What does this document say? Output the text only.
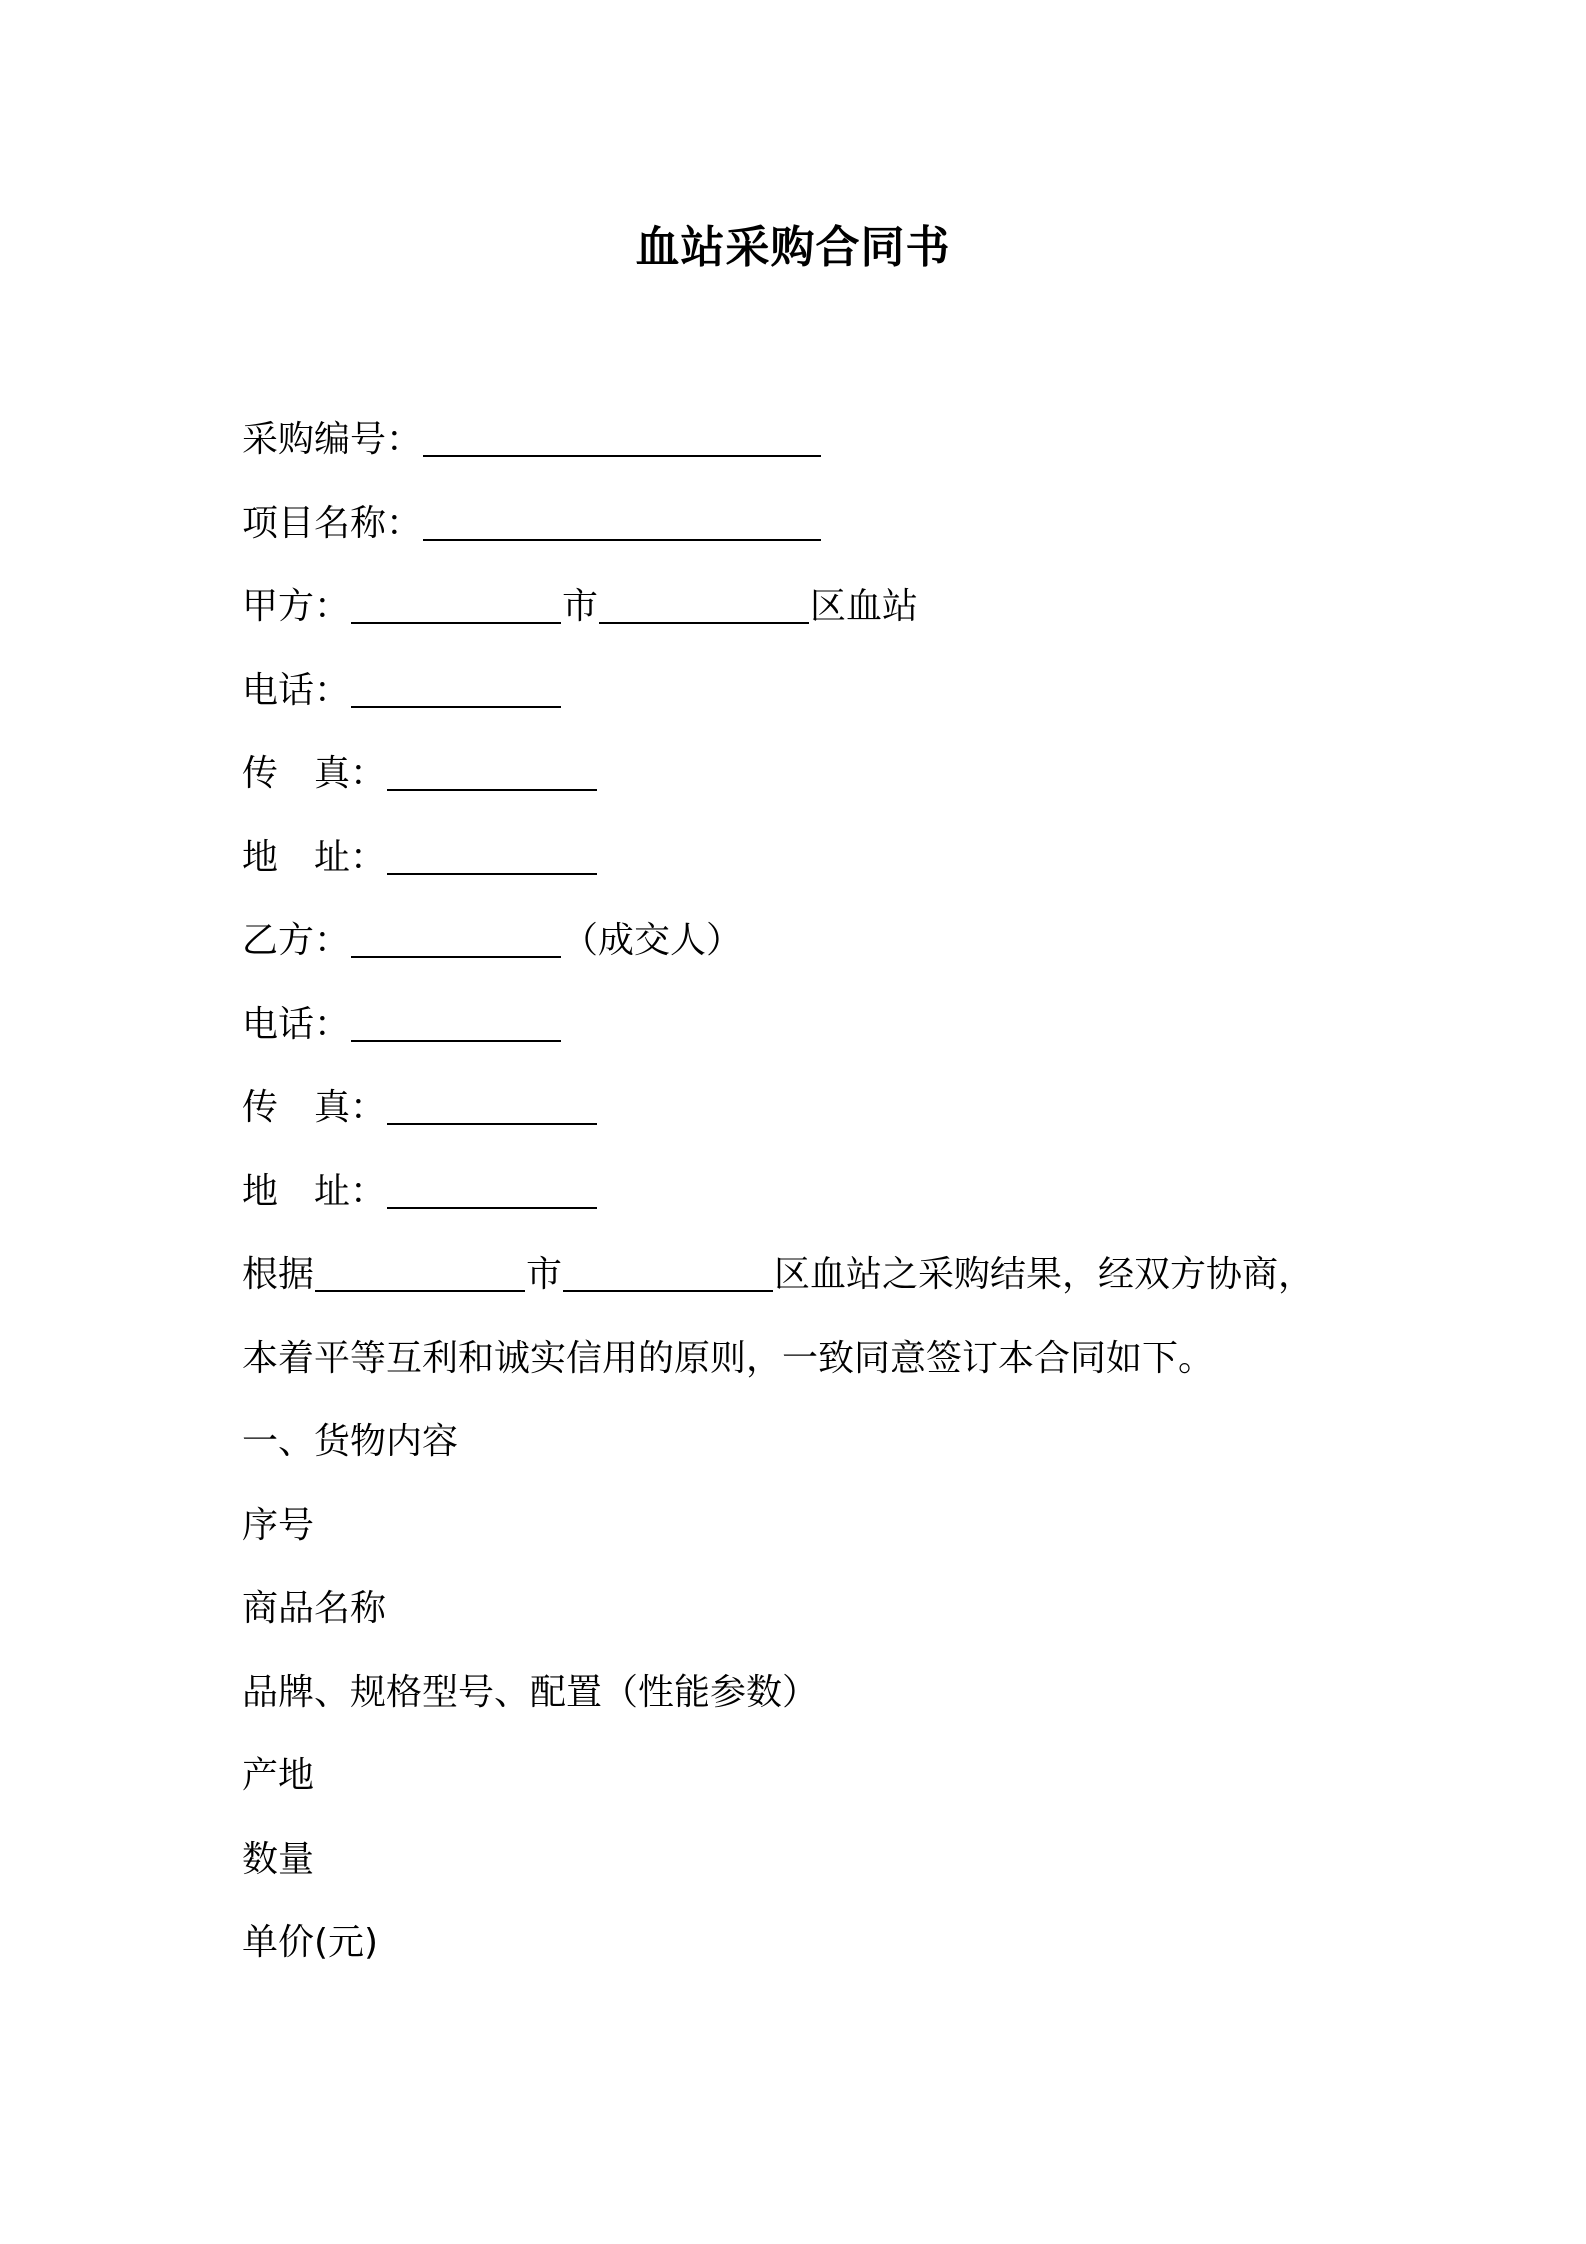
血站采购合同书
采购编号：
项目名称：
甲方：	市	区血站
电话：
传 真：
地 址：
乙方：	（成交人）
电话：
传 真：
地 址：
根据	市	区血站之采购结果，经双方协商，
本着平等互利和诚实信用的原则，一致同意签订本合同如下。
一、货物内容
序号
商品名称
品牌、规格型号、配置（性能参数）
产地
数量
单价(元)
